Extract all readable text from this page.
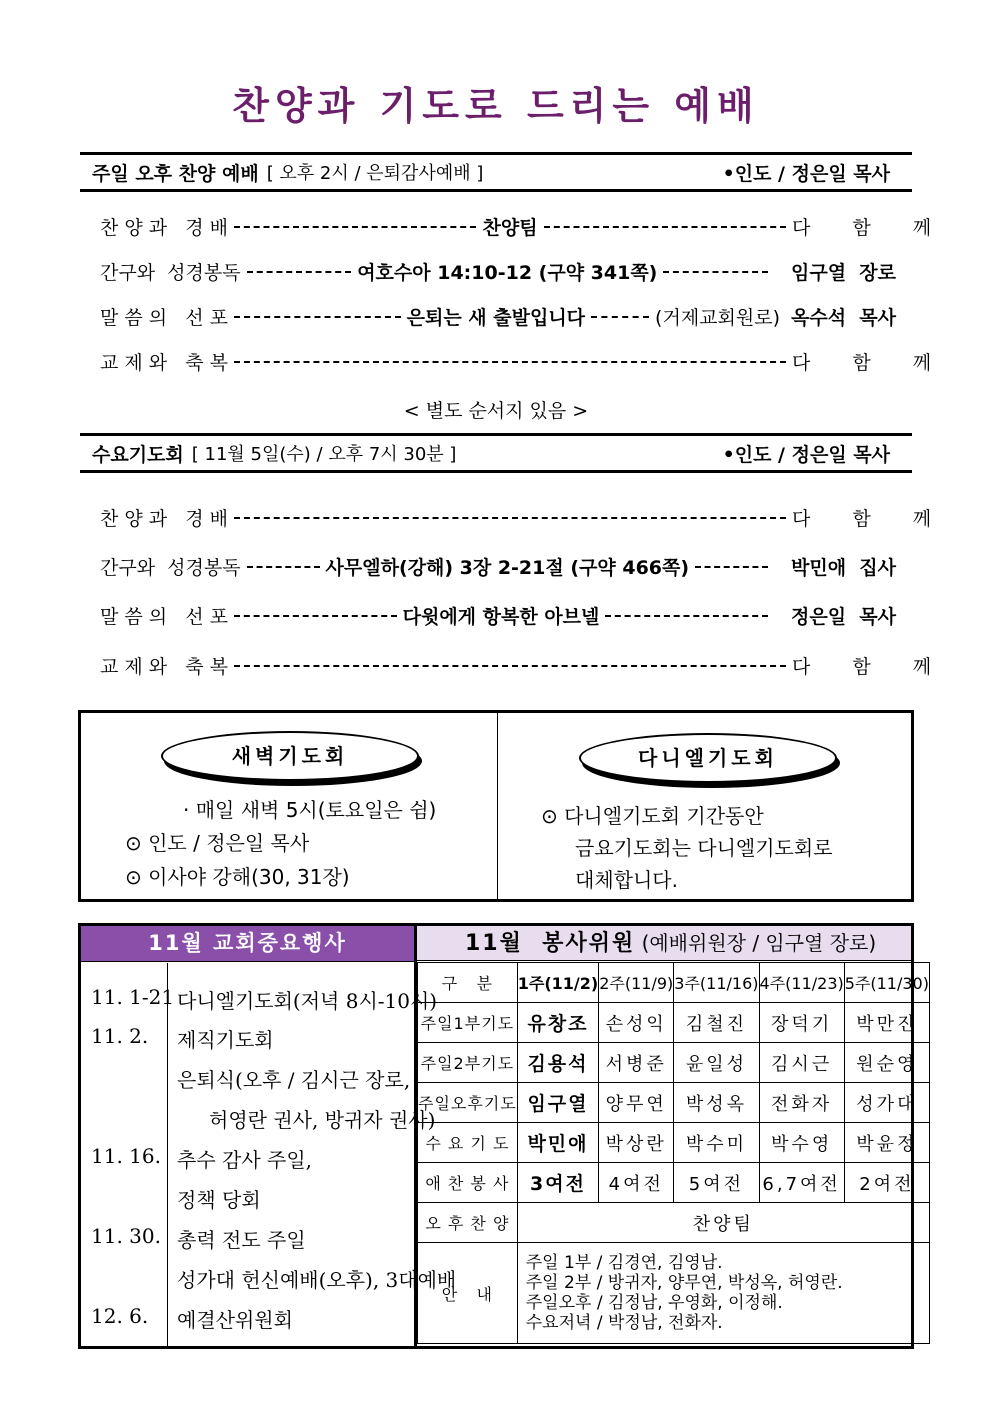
찬양과 기도로 드리는 예배
주일 오후 찬양 예배 [ 오후 2시 / 은퇴감사예배 ]	•인도 / 정은일 목사
찬 양 과   경 배	찬양팀	다 함 께
간구와  성경봉독	여호수아 14:10-12 (구약 341쪽)	임구열  장로
말 씀 의   선 포	은퇴는 새 출발입니다	(거제교회원로) 옥수석  목사
교 제 와   축 복	다 함 께
< 별도 순서지 있음 >
수요기도회 [ 11월 5일(수) / 오후 7시 30분 ]	•인도 / 정은일 목사
찬 양 과   경 배	다 함 께
간구와  성경봉독	사무엘하(강해) 3장 2-21절 (구약 466쪽)	박민애  집사
말 씀 의   선 포	다윗에게 항복한 아브넬	정은일  목사
교 제 와   축 복	다 함 께
새벽기도회
· 매일 새벽 5시(토요일은 쉼)
⊙ 인도 / 정은일 목사
⊙ 이사야 강해(30, 31장)
다니엘기도회
⊙ 다니엘기도회 기간동안
금요기도회는 다니엘기도회로
대체합니다.
11월 교회중요행사	11월  봉사위원 (예배위원장 / 임구열 장로)
11. 1-21 다니엘기도회(저녁 8시-10시)
11. 2. 제직기도회
은퇴식(오후 / 김시근 장로,
허영란 권사, 방귀자 권사)
11. 16. 추수 감사 주일,
정책 당회
11. 30. 총력 전도 주일
성가대 헌신예배(오후), 3대예배
12. 6. 예결산위원회
구   분	1주(11/2)	2주(11/9)	3주(11/16)	4주(11/23)	5주(11/30)
주일1부기도	유창조	손성익	김철진	장덕기	박만진
주일2부기도	김용석	서병준	윤일성	김시근	원순영
주일오후기도	임구열	양무연	박성옥	전화자	성가대
수 요 기 도	박민애	박상란	박수미	박수영	박윤정
애 찬 봉 사	3여전	4여전	5여전	6,7여전	2여전
오 후 찬 양	찬양팀				
안   내	주일 1부 / 김경연, 김영남.
주일 2부 / 방귀자, 양무연, 박성옥, 허영란.
주일오후 / 김정남, 우영화, 이정해.
수요저녁 / 박정남, 전화자.				
